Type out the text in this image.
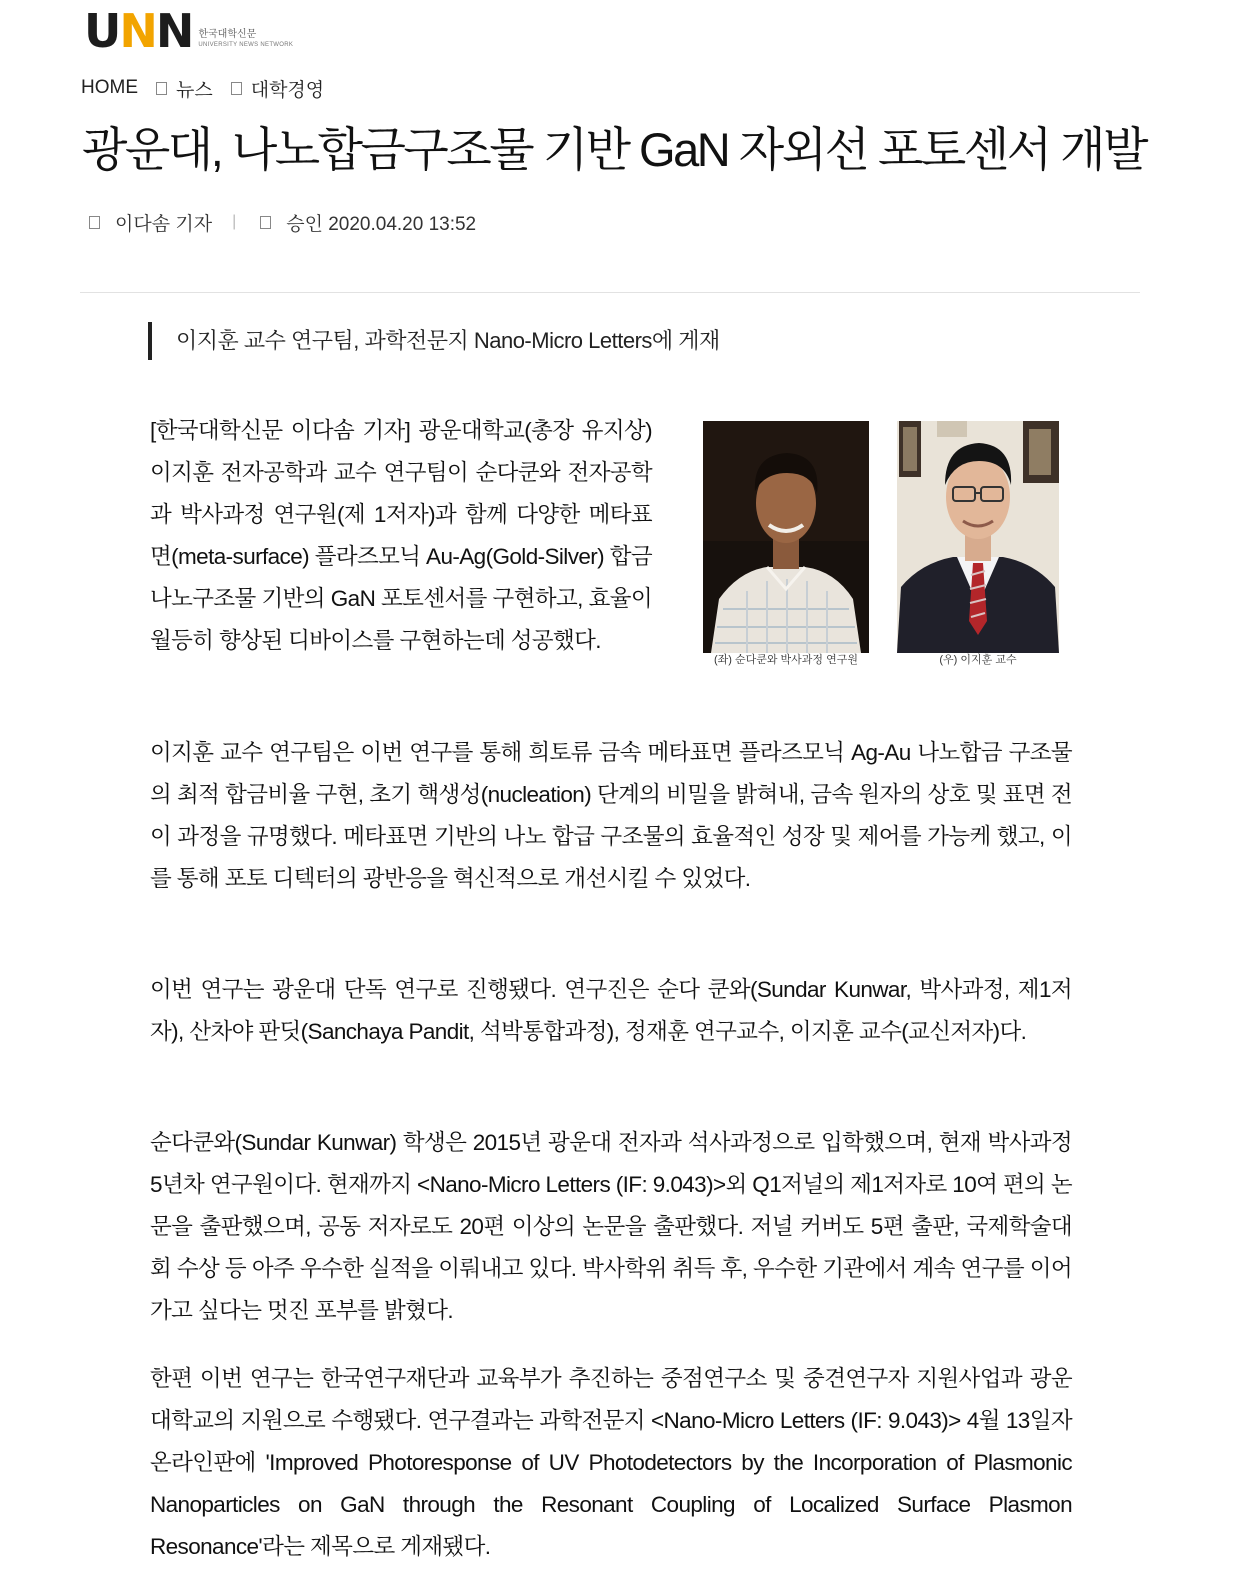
UNN 한국대학신문
UNIVERSITY NEWS NETWORK
HOME 뉴스 대학경영
광운대, 나노합금구조물 기반 GaN 자외선 포토센서 개발
이다솜 기자 |	승인 2020.04.20 13:52
이지훈 교수 연구팀, 과학전문지 Nano-Micro Letters에 게재

[한국대학신문 이다솜 기자] 광운대학교(총장 유지상) 이지훈 전자공학과 교수 연구팀이 순다쿤와 전자공학과 박사과정 연구원(제 1저자)과 함께 다양한 메타표면(meta-surface) 플라즈모닉 Au-Ag(Gold-Silver) 합금 나노구조물 기반의 GaN 포토센서를 구현하고, 효율이 월등히 향상된 디바이스를 구현하는데 성공했다.

(좌) 순다쿤와 박사과정 연구원	(우) 이지훈 교수

이지훈 교수 연구팀은 이번 연구를 통해 희토류 금속 메타표면 플라즈모닉 Ag-Au 나노합금 구조물의 최적 합금비율 구현, 초기 핵생성(nucleation) 단계의 비밀을 밝혀내, 금속 원자의 상호 및 표면 전이 과정을 규명했다. 메타표면 기반의 나노 합급 구조물의 효율적인 성장 및 제어를 가능케 했고, 이를 통해 포토 디텍터의 광반응을 혁신적으로 개선시킬 수 있었다.

이번 연구는 광운대 단독 연구로 진행됐다. 연구진은 순다 쿤와(Sundar Kunwar, 박사과정, 제1저자), 산차야 판딧(Sanchaya Pandit, 석박통합과정), 정재훈 연구교수, 이지훈 교수(교신저자)다.

순다쿤와(Sundar Kunwar) 학생은 2015년 광운대 전자과 석사과정으로 입학했으며, 현재 박사과정5년차 연구원이다. 현재까지 <Nano-Micro Letters (IF: 9.043)>외 Q1저널의 제1저자로 10여 편의 논문을 출판했으며, 공동 저자로도 20편 이상의 논문을 출판했다. 저널 커버도 5편 출판, 국제학술대회 수상 등 아주 우수한 실적을 이뤄내고 있다. 박사학위 취득 후, 우수한 기관에서 계속 연구를 이어가고 싶다는 멋진 포부를 밝혔다.

한편 이번 연구는 한국연구재단과 교육부가 추진하는 중점연구소 및 중견연구자 지원사업과 광운대학교의 지원으로 수행됐다. 연구결과는 과학전문지 <Nano-Micro Letters (IF: 9.043)> 4월 13일자 온라인판에 'Improved Photoresponse of UV Photodetectors by the Incorporation of Plasmonic Nanoparticles on GaN through the Resonant Coupling of Localized Surface Plasmon Resonance'라는 제목으로 게재됐다.
